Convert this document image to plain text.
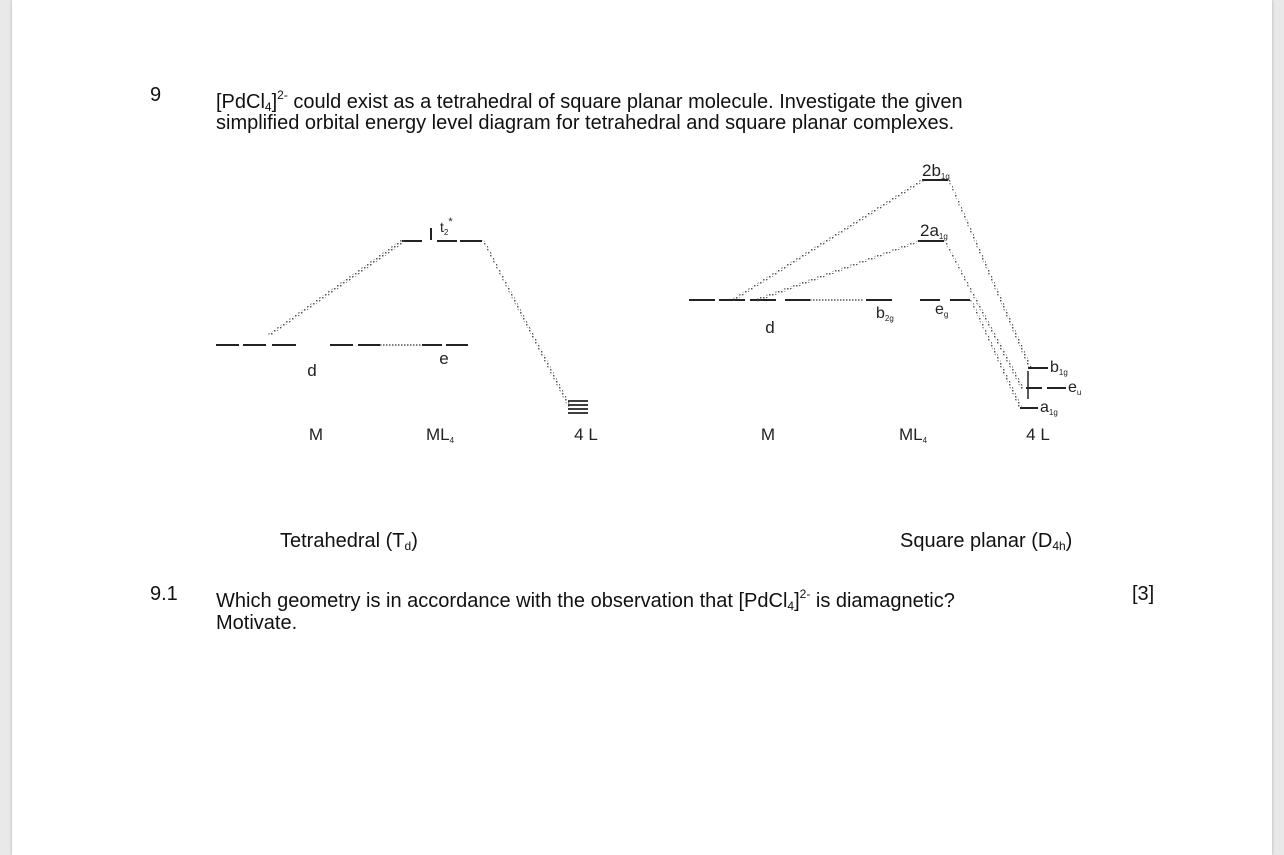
9	[PdCl$_4$]$^{2-}$ could exist as a tetrahedral of square planar molecule. Investigate the given
simplified orbital energy level diagram for tetrahedral and square planar complexes.
d
e
$t_2^*$
M	ML4	4 L
d
b2g
eg
2a1g
2b1g
b1g
eu
a1g
M	ML4	4 L
Tetrahedral $(T_d)$	Square planar $(D_{4h})$
9.1 Which geometry is in accordance with the observation that [PdCl$_4$]$^{2-}$ is diamagnetic?
Motivate.
[3]
